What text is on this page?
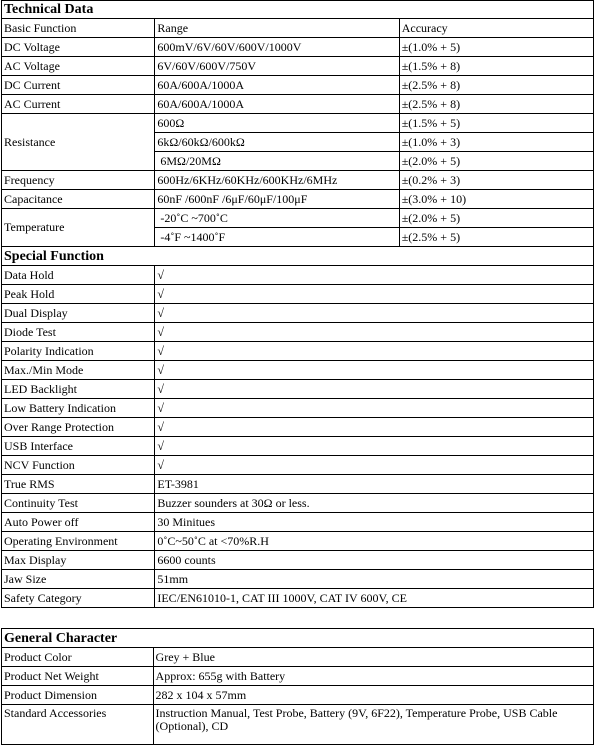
Technical Data		
Basic Function	Range	Accuracy
DC Voltage	600mV/6V/60V/600V/1000V	±(1.0% + 5)
AC Voltage	6V/60V/600V/750V	±(1.5% + 8)
DC Current	60A/600A/1000A	±(2.5% + 8)
AC Current	60A/600A/1000A	±(2.5% + 8)
Resistance	600Ω	±(1.5% + 5)
	6kΩ/60kΩ/600kΩ	±(1.0% + 3)
	6MΩ/20MΩ	±(2.0% + 5)
Frequency	600Hz/6KHz/60KHz/600KHz/6MHz	±(0.2% + 3)
Capacitance	60nF /600nF /6μF/60μF/100μF	±(3.0% + 10)
Temperature	-20˚C ~700˚C	±(2.0% + 5)
	-4˚F ~1400˚F	±(2.5% + 5)
Special Function		
Data Hold	√	
Peak Hold	√	
Dual Display	√	
Diode Test	√	
Polarity Indication	√	
Max./Min Mode	√	
LED Backlight	√	
Low Battery Indication	√	
Over Range Protection	√	
USB Interface	√	
NCV Function	√	
True RMS	ET-3981	
Continuity Test	Buzzer sounders at 30Ω or less.	
Auto Power off	30 Minitues	
Operating Environment	0˚C~50˚C at <70%R.H	
Max Display	6600 counts	
Jaw Size	51mm	
Safety Category	IEC/EN61010-1, CAT III 1000V, CAT IV 600V, CE	
General Character	
Product Color	Grey + Blue
Product Net Weight	Approx: 655g with Battery
Product Dimension	282 x 104 x 57mm
Standard Accessories	Instruction Manual, Test Probe, Battery (9V, 6F22), Temperature Probe, USB Cable (Optional), CD
